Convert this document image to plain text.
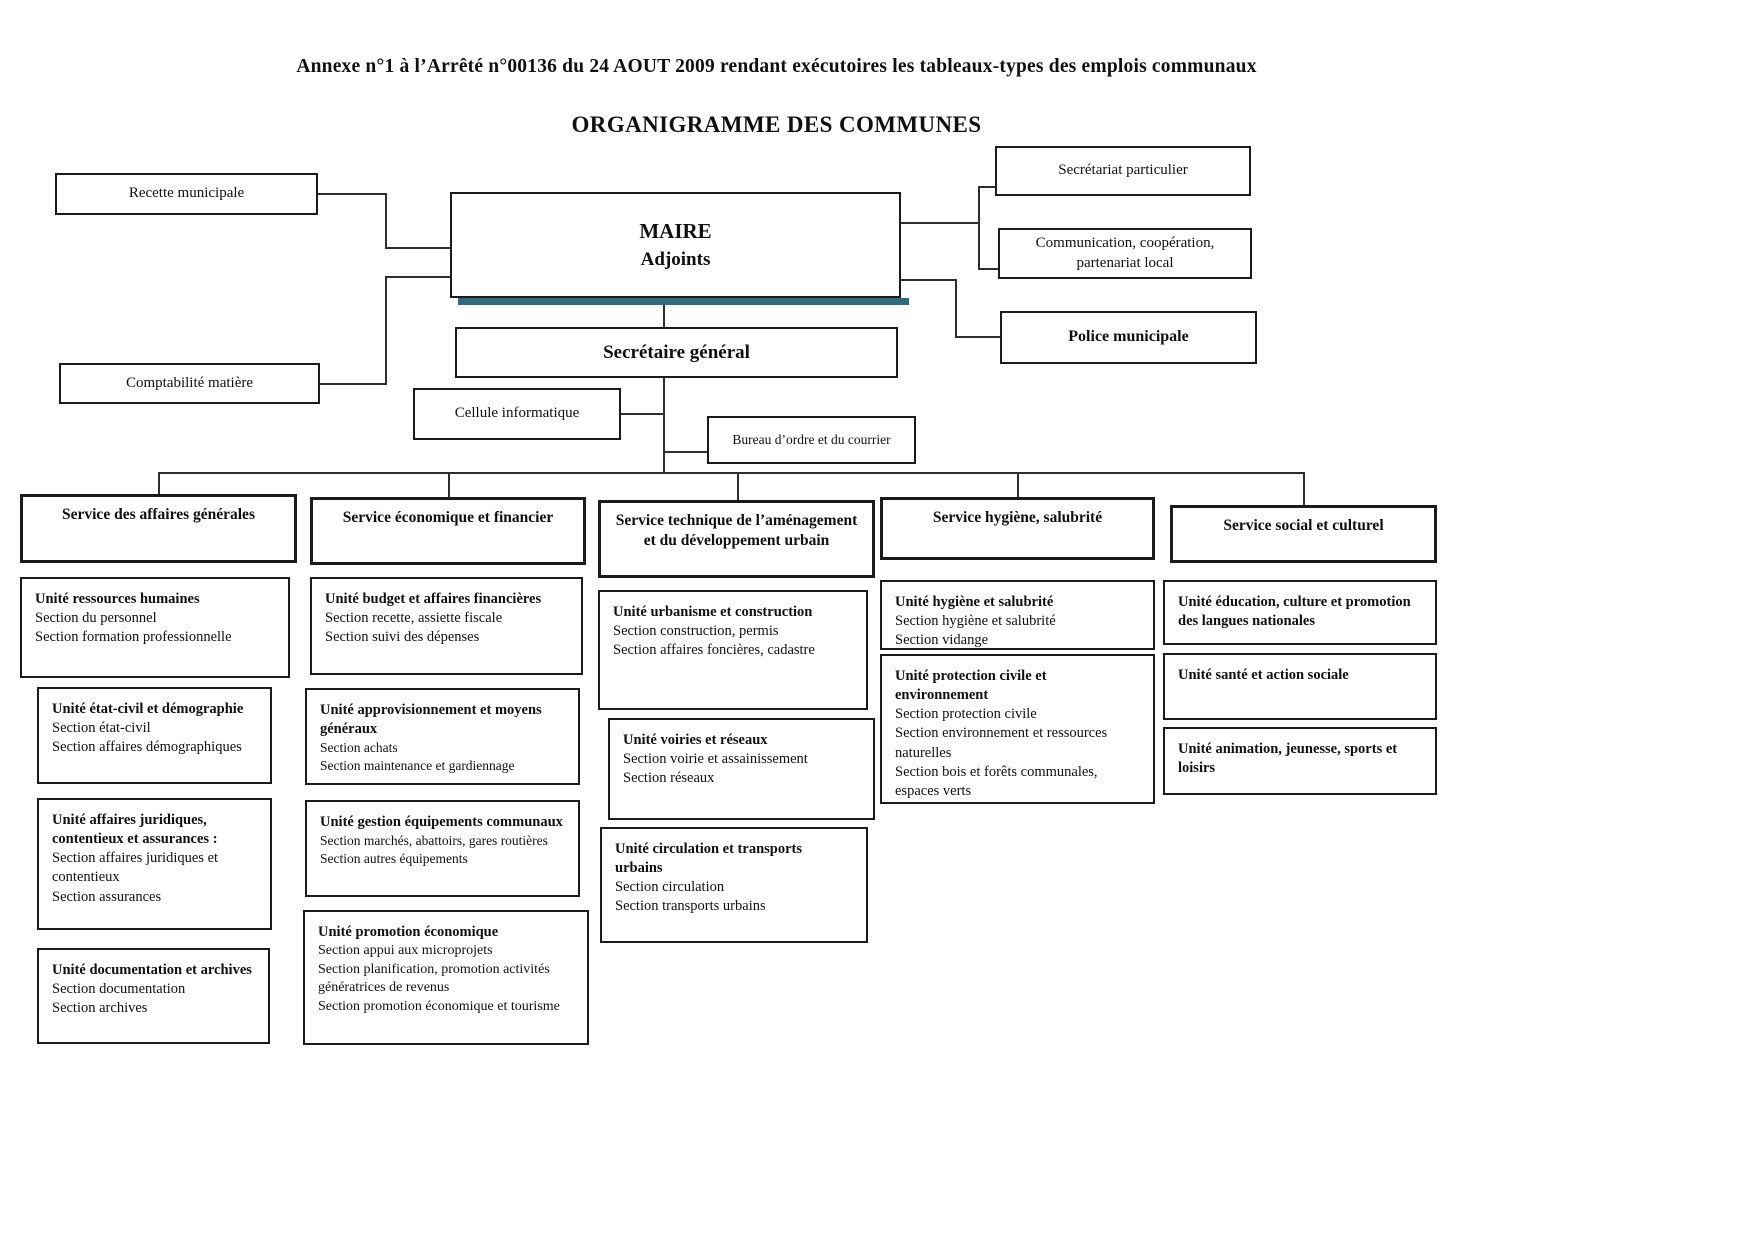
Annexe n°1 à l’Arrêté n°00136 du 24 AOUT 2009 rendant exécutoires les tableaux-types des emplois communaux
ORGANIGRAMME DES COMMUNES
Recette municipale
Comptabilité matière
MAIRE
Adjoints
Secrétariat particulier
Communication, coopération, partenariat local
Police municipale
Secrétaire général
Cellule informatique
Bureau d’ordre et du courrier
Service des affaires générales	Service économique et financier	Service technique de l’aménagement et du développement urbain
Service hygiène, salubrité	Service social et culturel
Unité ressources humaines
Section du personnel
Section formation professionnelle
Unité état-civil et démographie
Section état-civil
Section affaires démographiques
Unité affaires juridiques, contentieux et assurances :
Section affaires juridiques et contentieux
Section assurances
Unité documentation et archives
Section documentation
Section archives
Unité budget et affaires financières
Section recette, assiette fiscale
Section suivi des dépenses
Unité approvisionnement et moyens généraux
Section achats
Section maintenance et gardiennage
Unité gestion équipements communaux
Section marchés, abattoirs, gares routières
Section autres équipements
Unité promotion économique
Section appui aux microprojets
Section planification, promotion activités génératrices de revenus
Section promotion économique et tourisme
Unité urbanisme et construction
Section construction, permis
Section affaires foncières, cadastre
Unité voiries et réseaux
Section voirie et assainissement
Section réseaux
Unité circulation et transports urbains
Section circulation
Section transports urbains
Unité hygiène et salubrité
Section hygiène et salubrité
Section vidange
Unité protection civile et environnement
Section protection civile
Section environnement et ressources naturelles
Section bois et forêts communales, espaces verts
Unité éducation, culture et promotion des langues nationales
Unité santé et action sociale
Unité animation, jeunesse, sports et loisirs
